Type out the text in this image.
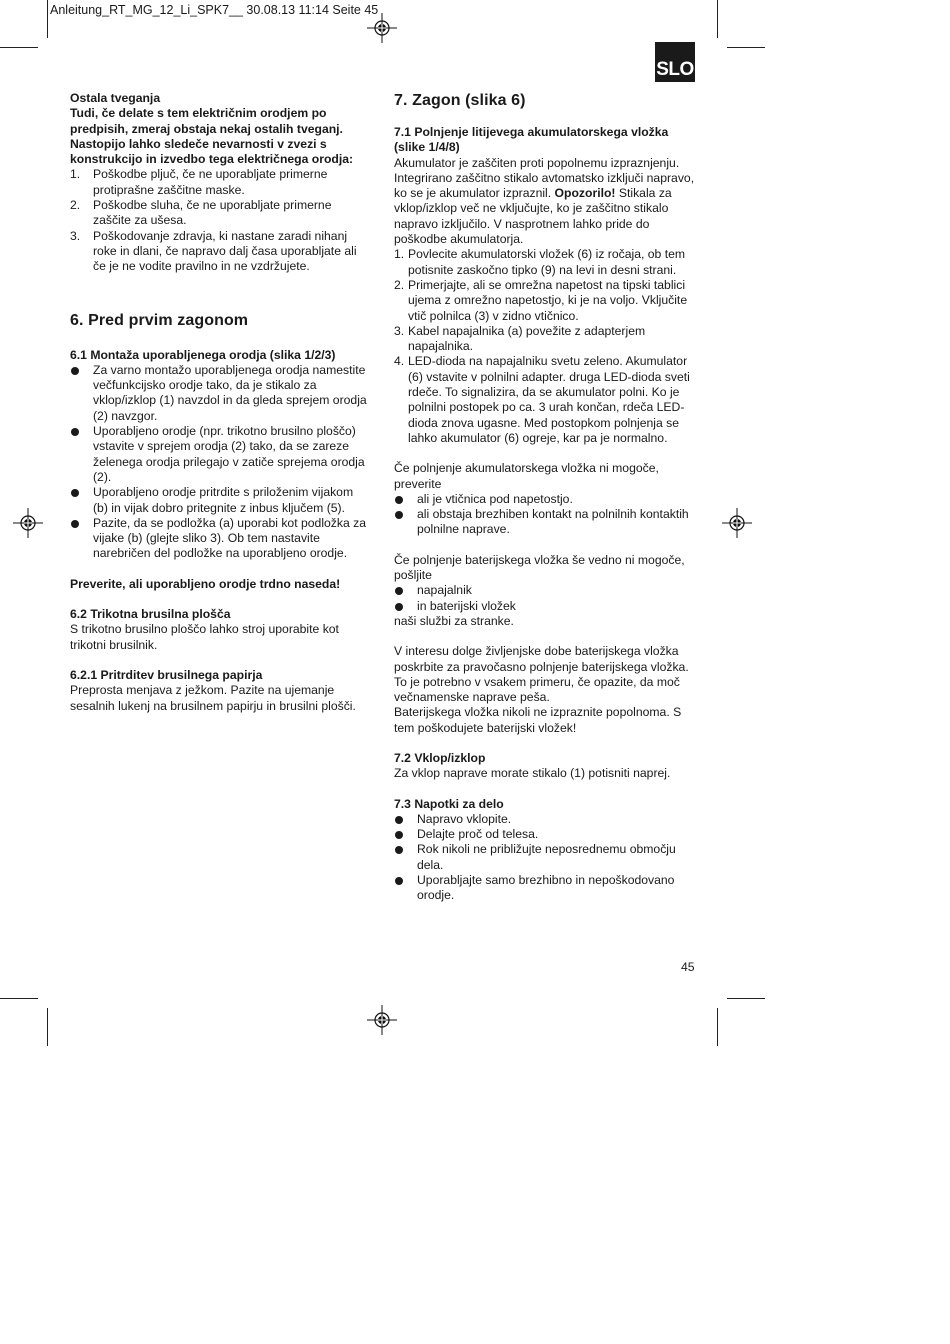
Anleitung_RT_MG_12_Li_SPK7__ 30.08.13 11:14 Seite 45
SLO

Ostala tveganja

Tudi, če delate s tem električnim orodjem po predpisih, zmeraj obstaja nekaj ostalih tveganj. Nastopijo lahko sledeče nevarnosti v zvezi s konstrukcijo in izvedbo tega električnega orodja:

1. Poškodbe pljuč, če ne uporabljate primerne protiprašne zaščitne maske.
2. Poškodbe sluha, če ne uporabljate primerne zaščite za ušesa.
3. Poškodovanje zdravja, ki nastane zaradi nihanj roke in dlani, če napravo dalj časa uporabljate ali če je ne vodite pravilno in ne vzdržujete.
6. Pred prvim zagonom

6.1 Montaža uporabljenega orodja (slika 1/2/3)

Za varno montažo uporabljenega orodja namestite večfunkcijsko orodje tako, da je stikalo za vklop/izklop (1) navzdol in da gleda sprejem orodja (2) navzgor.
Uporabljeno orodje (npr. trikotno brusilno ploščo) vstavite v sprejem orodja (2) tako, da se zareze želenega orodja prilegajo v zatiče sprejema orodja (2).
Uporabljeno orodje pritrdite s priloženim vijakom (b) in vijak dobro pritegnite z inbus ključem (5).
Pazite, da se podložka (a) uporabi kot podložka za vijake (b) (glejte sliko 3). Ob tem nastavite narebričen del podložke na uporabljeno orodje.

Preverite, ali uporabljeno orodje trdno naseda!

6.2 Trikotna brusilna plošča

S trikotno brusilno ploščo lahko stroj uporabite kot trikotni brusilnik.

6.2.1 Pritrditev brusilnega papirja

Preprosta menjava z ježkom. Pazite na ujemanje sesalnih lukenj na brusilnem papirju in brusilni plošči.

7. Zagon (slika 6)

7.1 Polnjenje litijevega akumulatorskega vložka (slike 1/4/8)

Akumulator je zaščiten proti popolnemu izpraznjenju. Integrirano zaščitno stikalo avtomatsko izključi napravo, ko se je akumulator izpraznil. Opozorilo! Stikala za vklop/izklop več ne vključujte, ko je zaščitno stikalo napravo izključilo. V nasprotnem lahko pride do poškodbe akumulatorja.

1. Povlecite akumulatorski vložek (6) iz ročaja, ob tem potisnite zaskočno tipko (9) na levi in desni strani.
2. Primerjajte, ali se omrežna napetost na tipski tablici ujema z omrežno napetostjo, ki je na voljo. Vključite vtič polnilca (3) v zidno vtičnico.
3. Kabel napajalnika (a) povežite z adapterjem napajalnika.
4. LED-dioda na napajalniku svetu zeleno. Akumulator (6) vstavite v polnilni adapter. druga LED-dioda sveti rdeče. To signalizira, da se akumulator polni. Ko je polnilni postopek po ca. 3 urah končan, rdeča LED-dioda znova ugasne. Med postopkom polnjenja se lahko akumulator (6) ogreje, kar pa je normalno.

Če polnjenje akumulatorskega vložka ni mogoče, preverite

ali je vtičnica pod napetostjo.
ali obstaja brezhiben kontakt na polnilnih kontaktih polnilne naprave.

Če polnjenje baterijskega vložka še vedno ni mogoče, pošljite

napajalnik
in baterijski vložek

naši službi za stranke.

V interesu dolge življenjske dobe baterijskega vložka poskrbite za pravočasno polnjenje baterijskega vložka. To je potrebno v vsakem primeru, če opazite, da moč večnamenske naprave peša.

Baterijskega vložka nikoli ne izpraznite popolnoma. S tem poškodujete baterijski vložek!

7.2 Vklop/izklop

Za vklop naprave morate stikalo (1) potisniti naprej.

7.3 Napotki za delo

Napravo vklopite.
Delajte proč od telesa.
Rok nikoli ne približujte neposrednemu območju dela.
Uporabljajte samo brezhibno in nepoškodovano orodje.
45
